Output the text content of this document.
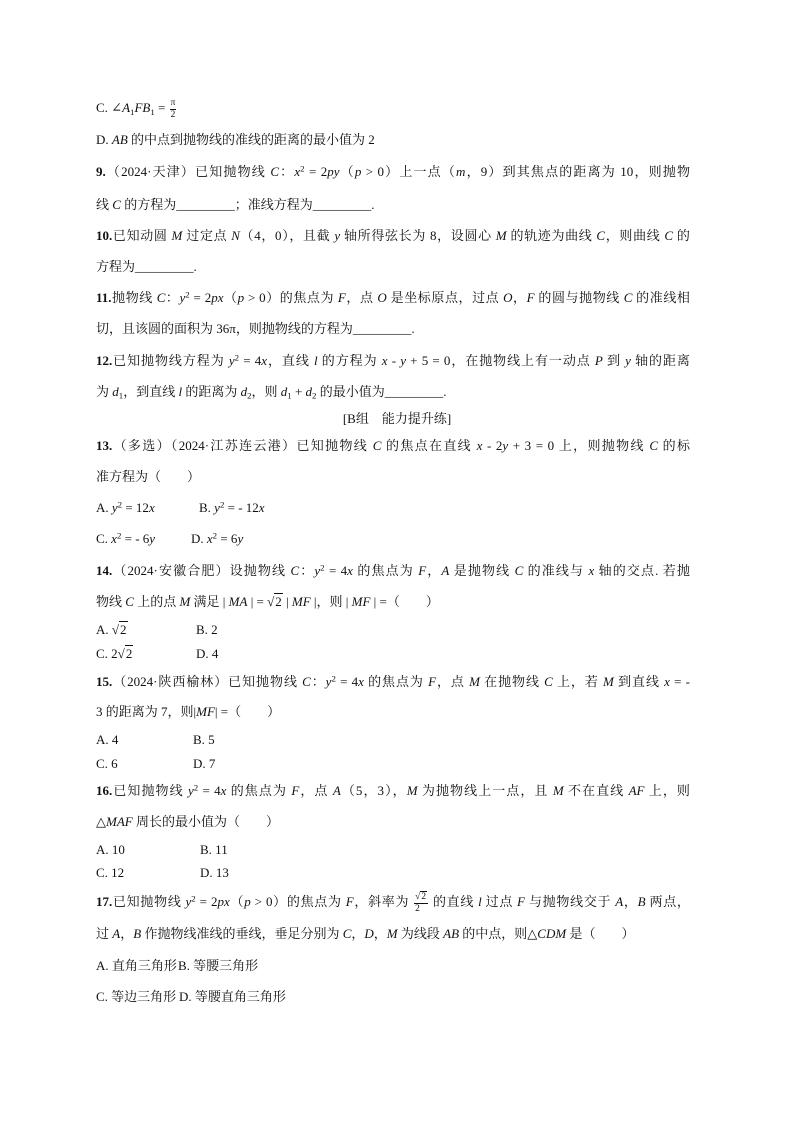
C. $\angle A_1FB_1 = \frac{\pi}{2}$
D. AB 的中点到抛物线的准线的距离的最小值为 2
9.（2024·天津）已知抛物线 C：$x^2 = 2py(p > 0)$上一点（m，9）到其焦点的距离为 10，则抛物
线 C 的方程为_________；准线方程为_________.
10.已知动圆 M 过定点 N（4，0），且截 y 轴所得弦长为 8，设圆心 M 的轨迹为曲线 C，则曲线 C 的
方程为_________.
11.抛物线 C：$y^2 = 2px(p > 0)$的焦点为 F，点 O 是坐标原点，过点 O，F 的圆与抛物线 C 的准线相
切，且该圆的面积为 36π，则抛物线的方程为_________.
12.已知抛物线方程为 $y^2 = 4x$，直线 l 的方程为 x - y + 5 = 0，在抛物线上有一动点 P 到 y 轴的距离
为 $d_1$，到直线 l 的距离为 $d_2$，则 $d_1 + d_2$ 的最小值为_________.
[B组　能力提升练]
13.（多选）（2024·江苏连云港）已知抛物线 C 的焦点在直线 x - 2y + 3 = 0 上，则抛物线 C 的标
准方程为（　　）
A. $y^2 = 12x$	B. $y^2$ = - 12x
C. $x^2$ = - 6y	D. $x^2 = 6y$
14.（2024·安徽合肥）设抛物线 C：$y^2 = 4x$ 的焦点为 F，A 是抛物线 C 的准线与 x 轴的交点. 若抛
物线 C 上的点 M 满足 | MA | = √2 | MF |，则 | MF | =（　　）
A. √2	B. 2
C. 2√2	D. 4
15.（2024·陕西榆林）已知抛物线 C：$y^2 = 4x$ 的焦点为 F，点 M 在抛物线 C 上，若 M 到直线 x = -
3 的距离为 7，则|MF| =（　　）
A. 4	B. 5
C. 6	D. 7
16.已知抛物线 $y^2 = 4x$ 的焦点为 F，点 A（5，3），M 为抛物线上一点，且 M 不在直线 AF 上，则
△MAF 周长的最小值为（　　）
A. 10	B. 11
C. 12	D. 13
17.已知抛物线 $y^2 = 2px(p > 0)$的焦点为 F，斜率为 $\frac{√2}{2}$ 的直线 l 过点 F 与抛物线交于 A，B 两点，
过 A，B 作抛物线准线的垂线，垂足分别为 C，D，M 为线段 AB 的中点，则△CDM 是（　　）
A. 直角三角形 B. 等腰三角形
C. 等边三角形 D. 等腰直角三角形
